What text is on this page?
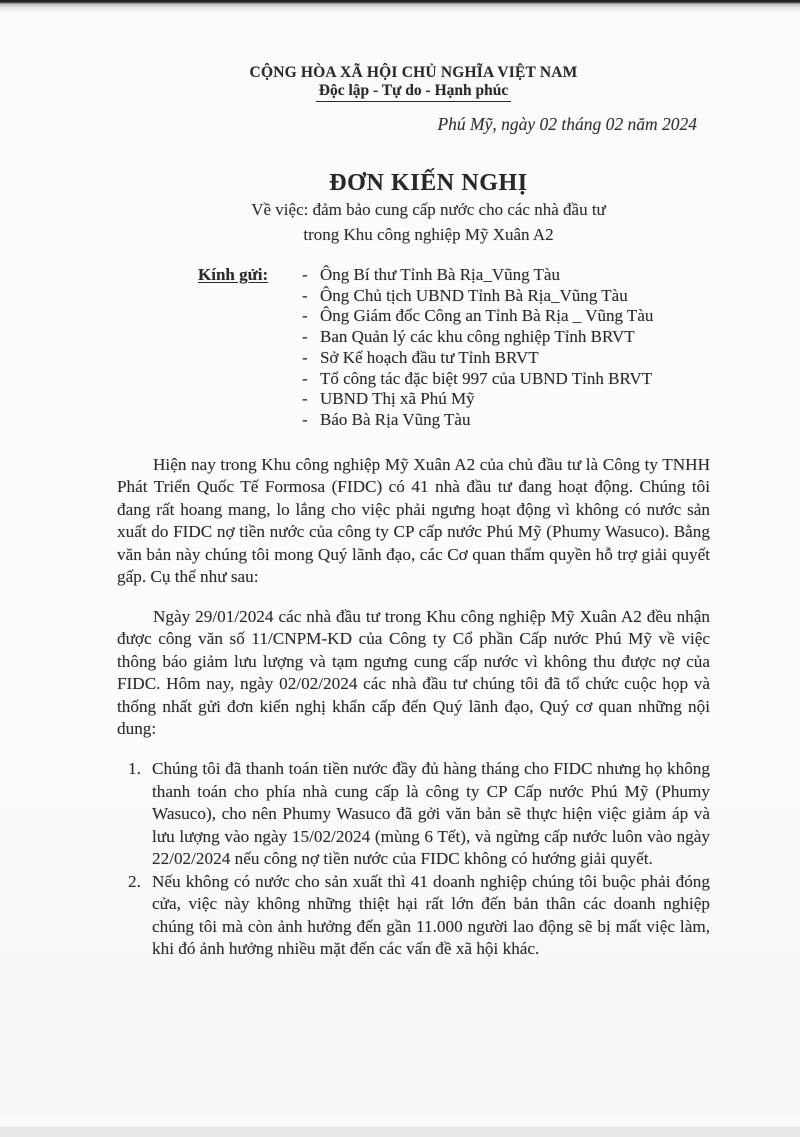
CỘNG HÒA XÃ HỘI CHỦ NGHĨA VIỆT NAM
Độc lập - Tự do - Hạnh phúc
Phú Mỹ, ngày 02 tháng 02 năm 2024
ĐƠN KIẾN NGHỊ
Về việc: đảm bảo cung cấp nước cho các nhà đầu tư
trong Khu công nghiệp Mỹ Xuân A2
Kính gửi:	- Ông Bí thư Tỉnh Bà Rịa_Vũng Tàu
- Ông Chủ tịch UBND Tỉnh Bà Rịa_Vũng Tàu
- Ông Giám đốc Công an Tỉnh Bà Rịa _ Vũng Tàu
- Ban Quản lý các khu công nghiệp Tỉnh BRVT
- Sở Kế hoạch đầu tư Tỉnh BRVT
- Tổ công tác đặc biệt 997 của UBND Tỉnh BRVT
- UBND Thị xã Phú Mỹ
- Báo Bà Rịa Vũng Tàu

Hiện nay trong Khu công nghiệp Mỹ Xuân A2 của chủ đầu tư là Công ty TNHH Phát Triển Quốc Tế Formosa (FIDC) có 41 nhà đầu tư đang hoạt động. Chúng tôi đang rất hoang mang, lo lắng cho việc phải ngưng hoạt động vì không có nước sản xuất do FIDC nợ tiền nước của công ty CP cấp nước Phú Mỹ (Phumy Wasuco). Bằng văn bản này chúng tôi mong Quý lãnh đạo, các Cơ quan thẩm quyền hỗ trợ giải quyết gấp. Cụ thể như sau:

Ngày 29/01/2024 các nhà đầu tư trong Khu công nghiệp Mỹ Xuân A2 đều nhận được công văn số 11/CNPM-KD của Công ty Cổ phần Cấp nước Phú Mỹ về việc thông báo giảm lưu lượng và tạm ngưng cung cấp nước vì không thu được nợ của FIDC. Hôm nay, ngày 02/02/2024 các nhà đầu tư chúng tôi đã tổ chức cuộc họp và thống nhất gửi đơn kiến nghị khẩn cấp đến Quý lãnh đạo, Quý cơ quan những nội dung:

1. Chúng tôi đã thanh toán tiền nước đầy đủ hàng tháng cho FIDC nhưng họ không thanh toán cho phía nhà cung cấp là công ty CP Cấp nước Phú Mỹ (Phumy Wasuco), cho nên Phumy Wasuco đã gởi văn bản sẽ thực hiện việc giảm áp và lưu lượng vào ngày 15/02/2024 (mùng 6 Tết), và ngừng cấp nước luôn vào ngày 22/02/2024 nếu công nợ tiền nước của FIDC không có hướng giải quyết.
2. Nếu không có nước cho sản xuất thì 41 doanh nghiệp chúng tôi buộc phải đóng cửa, việc này không những thiệt hại rất lớn đến bản thân các doanh nghiệp chúng tôi mà còn ảnh hưởng đến gần 11.000 người lao động sẽ bị mất việc làm, khi đó ảnh hưởng nhiều mặt đến các vấn đề xã hội khác.
